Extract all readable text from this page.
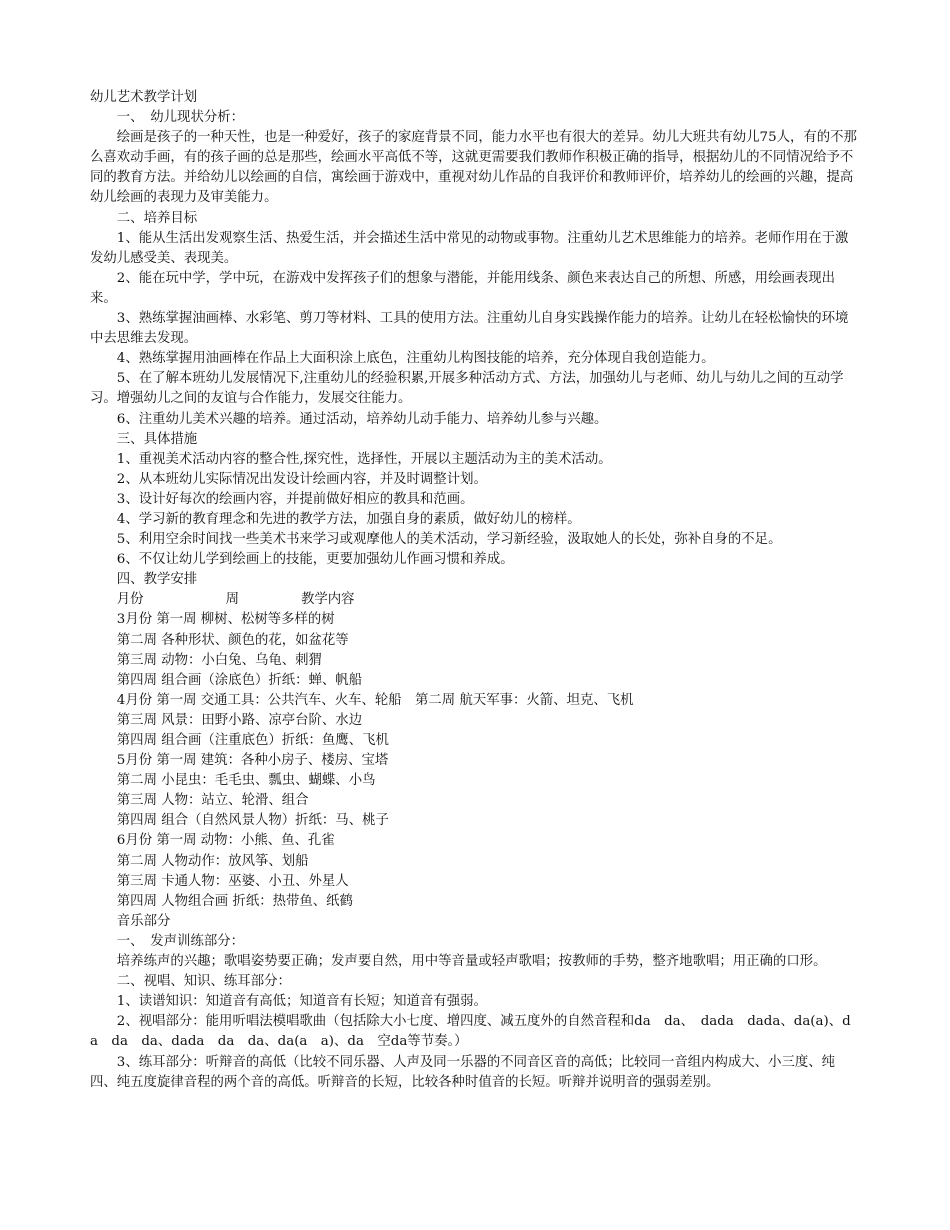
幼儿艺术教学计划

一、　幼儿现状分析：

绘画是孩子的一种天性，也是一种爱好，孩子的家庭背景不同，能力水平也有很大的差异。幼儿大班共有幼儿75人，有的不那么喜欢动手画，有的孩子画的总是那些，绘画水平高低不等，这就更需要我们教师作积极正确的指导，根据幼儿的不同情况给予不同的教育方法。并给幼儿以绘画的自信，寓绘画于游戏中，重视对幼儿作品的自我评价和教师评价，培养幼儿的绘画的兴趣，提高幼儿绘画的表现力及审美能力。

二、培养目标

1、能从生活出发观察生活、热爱生活，并会描述生活中常见的动物或事物。注重幼儿艺术思维能力的培养。老师作用在于激发幼儿感受美、表现美。

2、能在玩中学，学中玩，在游戏中发挥孩子们的想象与潜能，并能用线条、颜色来表达自己的所想、所感，用绘画表现出来。

3、熟练掌握油画棒、水彩笔、剪刀等材料、工具的使用方法。注重幼儿自身实践操作能力的培养。让幼儿在轻松愉快的环境中去思维去发现。

4、熟练掌握用油画棒在作品上大面积涂上底色，注重幼儿构图技能的培养，充分体现自我创造能力。

5、在了解本班幼儿发展情况下,注重幼儿的经验积累,开展多种活动方式、方法，加强幼儿与老师、幼儿与幼儿之间的互动学习。增强幼儿之间的友谊与合作能力，发展交往能力。

6、注重幼儿美术兴趣的培养。通过活动，培养幼儿动手能力、培养幼儿参与兴趣。

三、具体措施

1、重视美术活动内容的整合性,探究性，选择性，开展以主题活动为主的美术活动。

2、从本班幼儿实际情况出发设计绘画内容，并及时调整计划。

3、设计好每次的绘画内容，并提前做好相应的教具和范画。

4、学习新的教育理念和先进的教学方法，加强自身的素质，做好幼儿的榜样。

5、利用空余时间找一些美术书来学习或观摩他人的美术活动，学习新经验，汲取她人的长处，弥补自身的不足。

6、不仅让幼儿学到绘画上的技能，更要加强幼儿作画习惯和养成。

四、教学安排

月份	周	教学内容

3月份 第一周 柳树、松树等多样的树

第二周 各种形状、颜色的花，如盆花等

第三周 动物：小白兔、乌龟、刺猬

第四周 组合画（涂底色）折纸：蝉、帆船

4月份 第一周 交通工具：公共汽车、火车、轮船　第二周 航天军事：火箭、坦克、飞机

第三周 风景：田野小路、凉亭台阶、水边

第四周 组合画（注重底色）折纸：鱼鹰、飞机

5月份 第一周 建筑：各种小房子、楼房、宝塔

第二周 小昆虫：毛毛虫、瓢虫、蝴蝶、小鸟

第三周 人物：站立、轮滑、组合

第四周 组合（自然风景人物）折纸：马、桃子

6月份 第一周 动物：小熊、鱼、孔雀

第二周 人物动作：放风筝、划船

第三周 卡通人物：巫婆、小丑、外星人

第四周 人物组合画 折纸：热带鱼、纸鹤

音乐部分

一、　发声训练部分：

培养练声的兴趣；歌唱姿势要正确；发声要自然，用中等音量或轻声歌唱；按教师的手势，整齐地歌唱；用正确的口形。

二、视唱、知识、练耳部分：

1、读谱知识：知道音有高低；知道音有长短；知道音有强弱。

2、视唱部分：能用听唱法模唱歌曲（包括除大小七度、增四度、减五度外的自然音程和da　da、　dada　dada、da(a)、da　da　da、dada　da　da、da(a　a)、da　空da等节奏。）

3、练耳部分：听辩音的高低（比较不同乐器、人声及同一乐器的不同音区音的高低；比较同一音组内构成大、小三度、纯四、纯五度旋律音程的两个音的高低。听辩音的长短，比较各种时值音的长短。听辩并说明音的强弱差别。
